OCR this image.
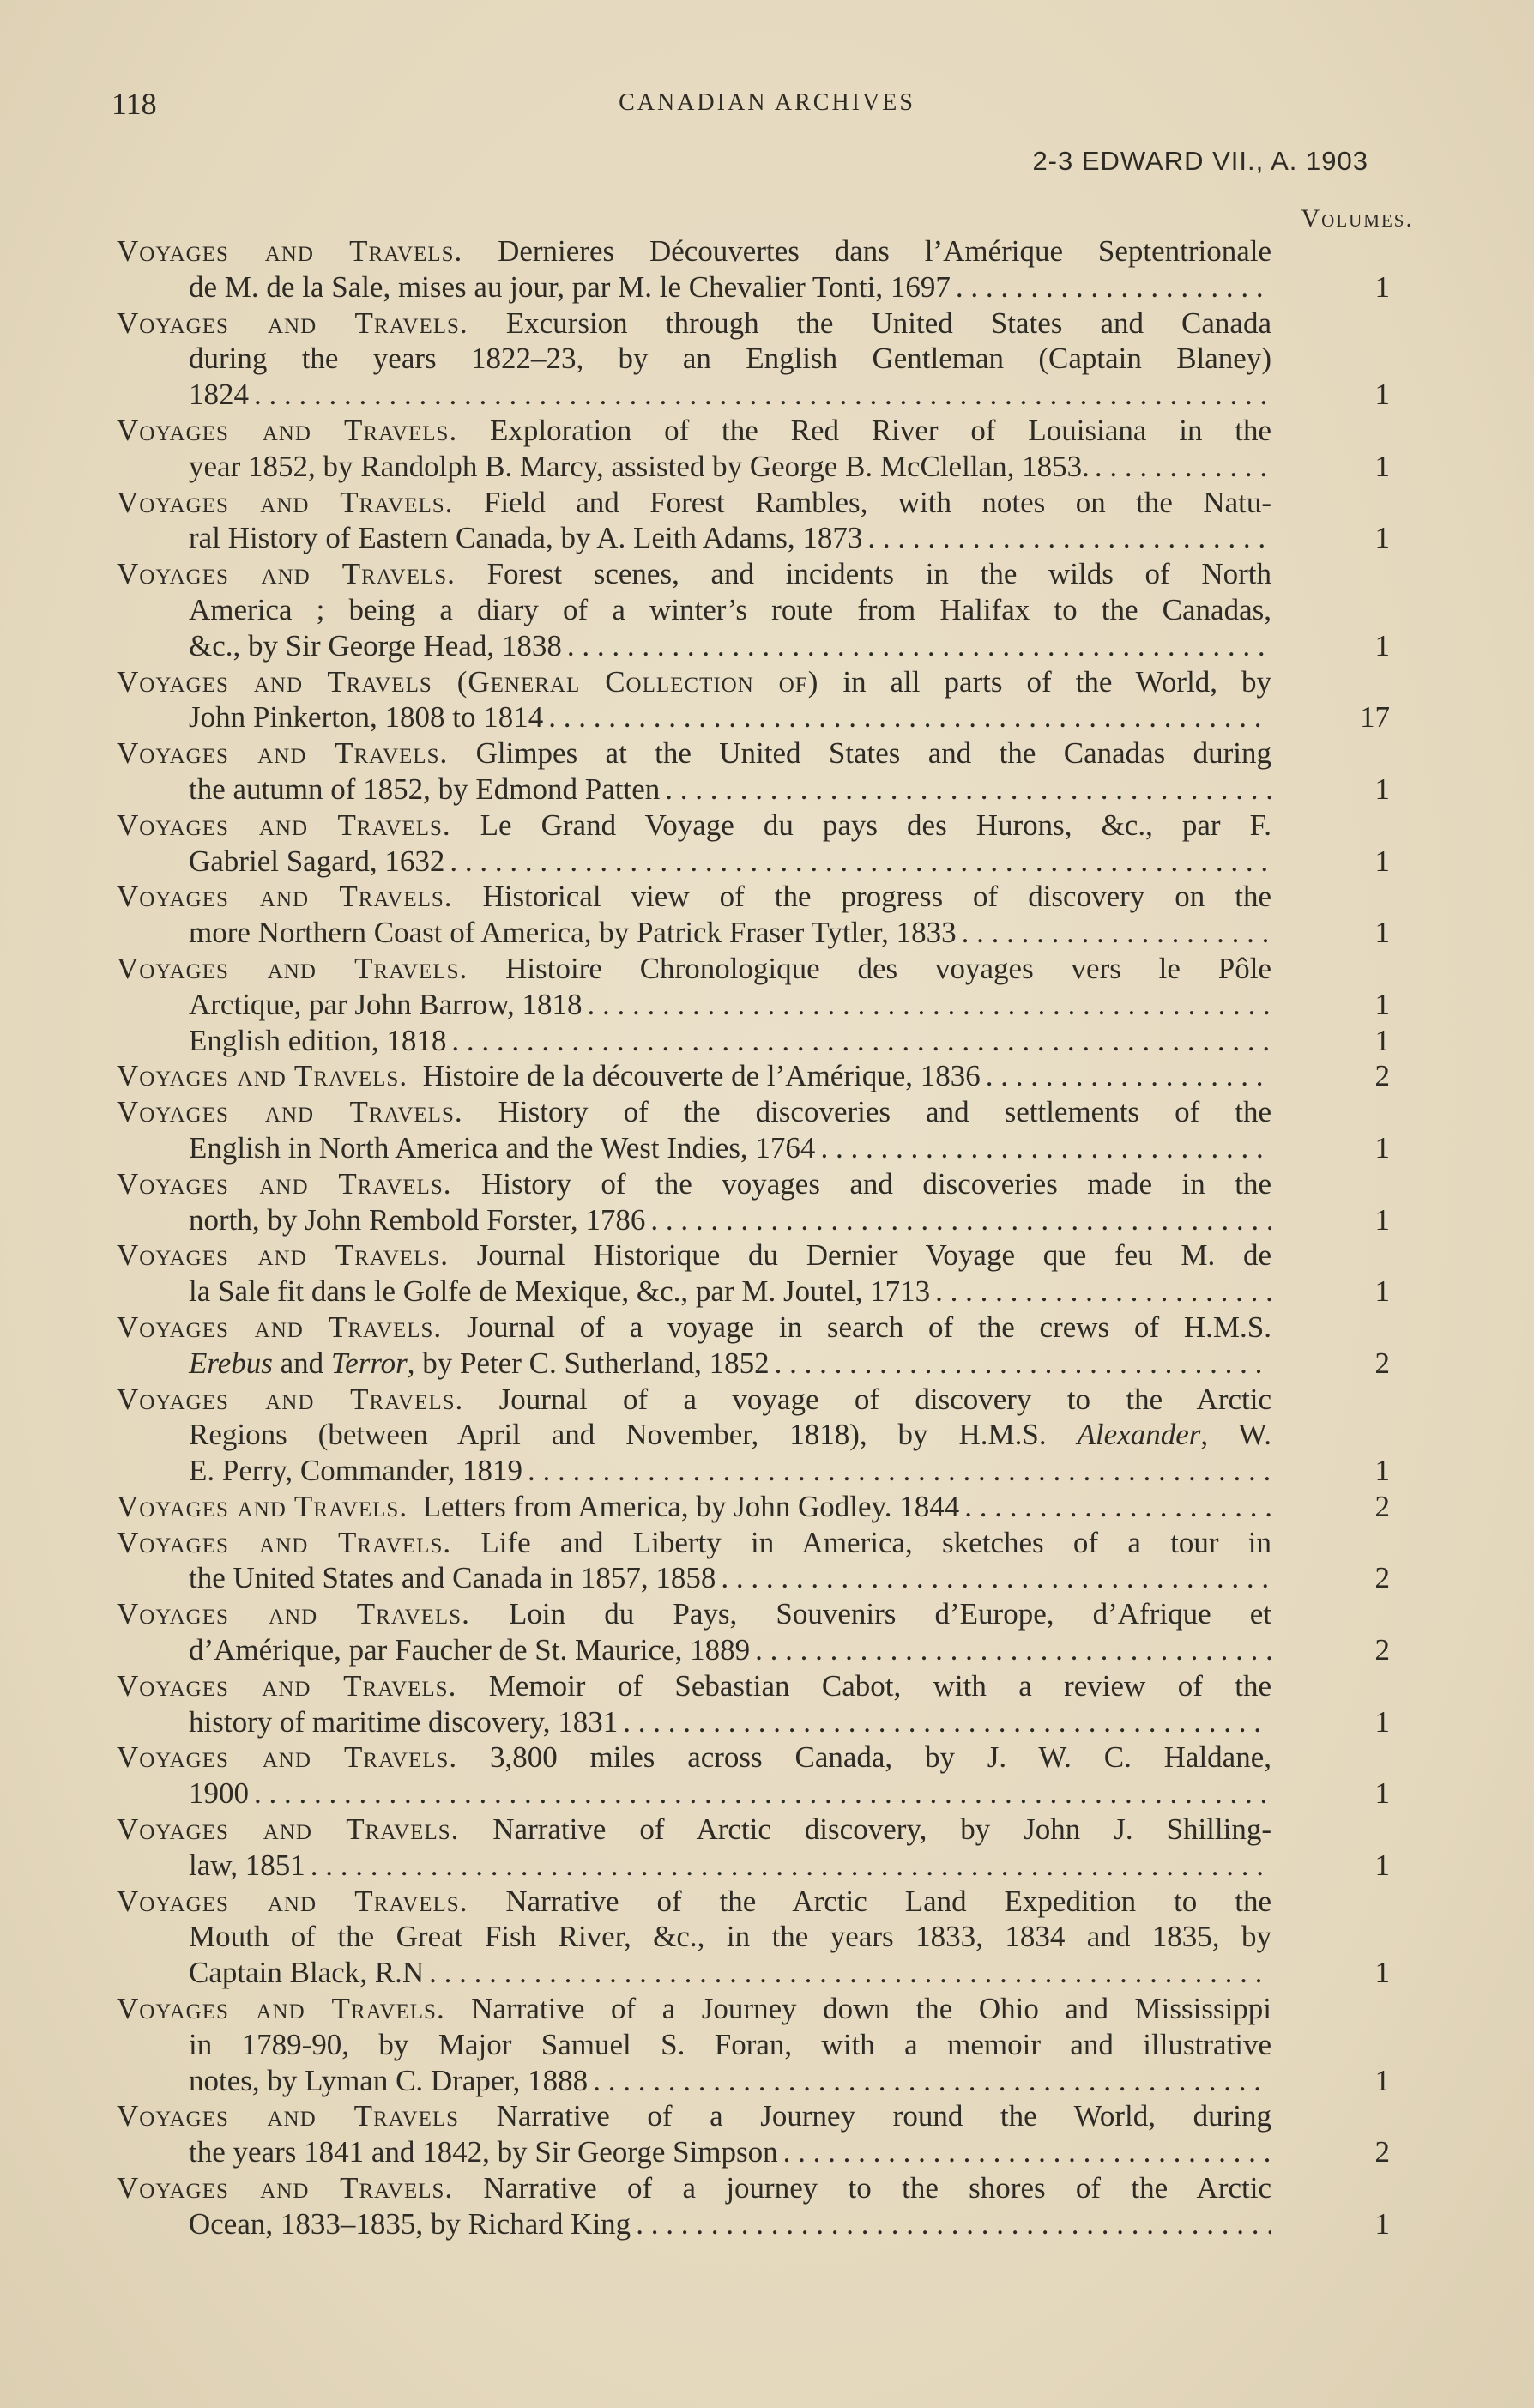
118	CANADIAN ARCHIVES
2-3 EDWARD VII., A. 1903
Volumes.
Voyages and Travels. Dernieres Découvertes dans l’Amérique Septentrionale
de M. de la Sale, mises au jour, par M. le Chevalier Tonti, 1697 . . .	1
Voyages and Travels. Excursion through the United States and Canada
during the years 1822–23, by an English Gentleman (Captain Blaney)
1824 . . .	1
Voyages and Travels. Exploration of the Red River of Louisiana in the
year 1852, by Randolph B. Marcy, assisted by George B. McClellan, 1853. . . .	1
Voyages and Travels. Field and Forest Rambles, with notes on the Natu-
ral History of Eastern Canada, by A. Leith Adams, 1873 . . .	1
Voyages and Travels. Forest scenes, and incidents in the wilds of North
America ; being a diary of a winter’s route from Halifax to the Canadas,
&c., by Sir George Head, 1838 . . .	1
Voyages and Travels (General Collection of) in all parts of the World, by
John Pinkerton, 1808 to 1814 . . .	17
Voyages and Travels. Glimpes at the United States and the Canadas during
the autumn of 1852, by Edmond Patten . . .	1
Voyages and Travels. Le Grand Voyage du pays des Hurons, &c., par F.
Gabriel Sagard, 1632 . . .	1
Voyages and Travels. Historical view of the progress of discovery on the
more Northern Coast of America, by Patrick Fraser Tytler, 1833 . . .	1
Voyages and Travels. Histoire Chronologique des voyages vers le Pôle
Arctique, par John Barrow, 1818 . . .	1
English edition, 1818 . . .	1
Voyages and Travels.  Histoire de la découverte de l’Amérique, 1836 . . .	2
Voyages and Travels. History of the discoveries and settlements of the
English in North America and the West Indies, 1764 . . .	1
Voyages and Travels. History of the voyages and discoveries made in the
north, by John Rembold Forster, 1786 . . .	1
Voyages and Travels. Journal Historique du Dernier Voyage que feu M. de
la Sale fit dans le Golfe de Mexique, &c., par M. Joutel, 1713 . . .	1
Voyages and Travels. Journal of a voyage in search of the crews of H.M.S.
Erebus and Terror, by Peter C. Sutherland, 1852 . . .	2
Voyages and Travels. Journal of a voyage of discovery to the Arctic
Regions (between April and November, 1818), by H.M.S. Alexander, W.
E. Perry, Commander, 1819 . . .	1
Voyages and Travels.  Letters from America, by John Godley. 1844 . . .	2
Voyages and Travels. Life and Liberty in America, sketches of a tour in
the United States and Canada in 1857, 1858 . . .	2
Voyages and Travels. Loin du Pays, Souvenirs d’Europe, d’Afrique et
d’Amérique, par Faucher de St. Maurice, 1889 . . .	2
Voyages and Travels. Memoir of Sebastian Cabot, with a review of the
history of maritime discovery, 1831 . . .	1
Voyages and Travels. 3,800 miles across Canada, by J. W. C. Haldane,
1900 . . .	1
Voyages and Travels. Narrative of Arctic discovery, by John J. Shilling-
law, 1851 . . .	1
Voyages and Travels. Narrative of the Arctic Land Expedition to the
Mouth of the Great Fish River, &c., in the years 1833, 1834 and 1835, by
Captain Black, R.N . . .	1
Voyages and Travels. Narrative of a Journey down the Ohio and Mississippi
in 1789-90, by Major Samuel S. Foran, with a memoir and illustrative
notes, by Lyman C. Draper, 1888 . . .	1
Voyages and Travels Narrative of a Journey round the World, during
the years 1841 and 1842, by Sir George Simpson . . .	2
Voyages and Travels. Narrative of a journey to the shores of the Arctic
Ocean, 1833–1835, by Richard King . . .	1
